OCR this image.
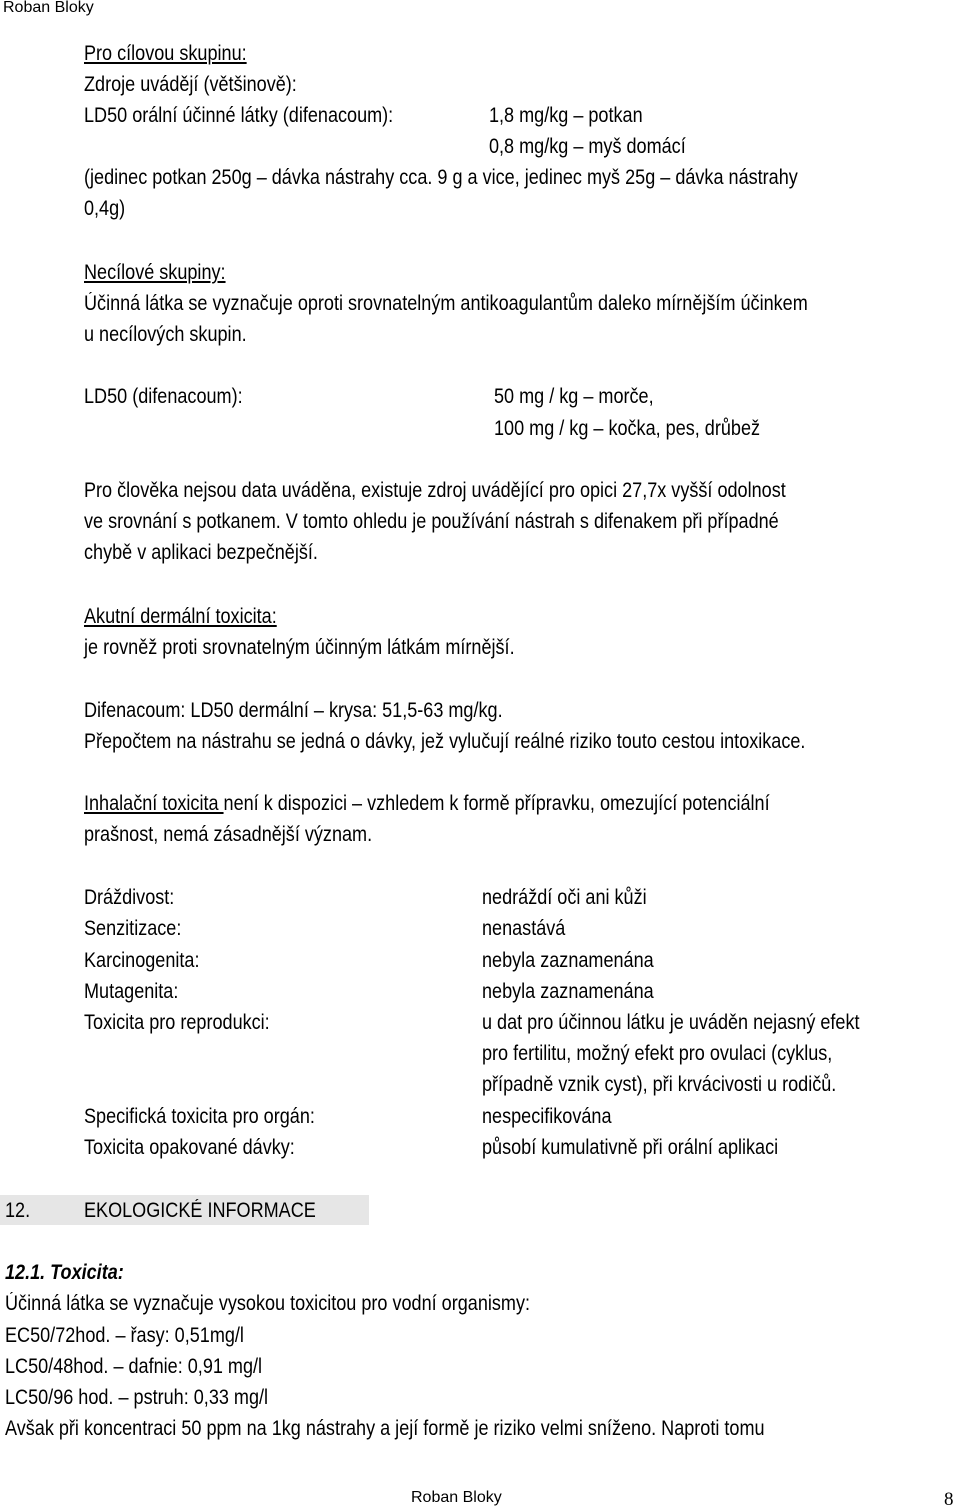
Roban Bloky
Pro cílovou skupinu:
Zdroje uvádějí (většinově):
LD50 orální účinné látky (difenacoum):	1,8 mg/kg – potkan
0,8 mg/kg – myš domácí
(jedinec potkan 250g – dávka nástrahy cca. 9 g a vice, jedinec myš 25g – dávka nástrahy
0,4g)
Necílové skupiny:
Účinná látka se vyznačuje oproti srovnatelným antikoagulantům daleko mírnějším účinkem
u necílových skupin.
LD50 (difenacoum):	50 mg / kg – morče,
100 mg / kg – kočka, pes, drůbež
Pro člověka nejsou data uváděna, existuje zdroj uvádějící pro opici 27,7x vyšší odolnost
ve srovnání s potkanem. V tomto ohledu je používání nástrah s difenakem při případné
chybě v aplikaci bezpečnější.
Akutní dermální toxicita:
je rovněž proti srovnatelným účinným látkám mírnější.
Difenacoum: LD50 dermální – krysa: 51,5-63 mg/kg.
Přepočtem na nástrahu se jedná o dávky, jež vylučují reálné riziko touto cestou intoxikace.
Inhalační toxicita není k dispozici – vzhledem k formě přípravku, omezující potenciální
prašnost, nemá zásadnější význam.
Dráždivost:	nedráždí oči ani kůži
Senzitizace:	nenastává
Karcinogenita:	nebyla zaznamenána
Mutagenita:	nebyla zaznamenána
Toxicita pro reprodukci:	u dat pro účinnou látku je uváděn nejasný efekt
pro fertilitu, možný efekt pro ovulaci (cyklus,
případně vznik cyst), při krvácivosti u rodičů.
Specifická toxicita pro orgán:	nespecifikována
Toxicita opakované dávky:	působí kumulativně při orální aplikaci
12.	EKOLOGICKÉ INFORMACE
12.1. Toxicita:
Účinná látka se vyznačuje vysokou toxicitou pro vodní organismy:
EC50/72hod. – řasy: 0,51mg/l
LC50/48hod. – dafnie: 0,91 mg/l
LC50/96 hod. – pstruh: 0,33 mg/l
Avšak při koncentraci 50 ppm na 1kg nástrahy a její formě je riziko velmi sníženo. Naproti tomu
Roban Bloky	8
